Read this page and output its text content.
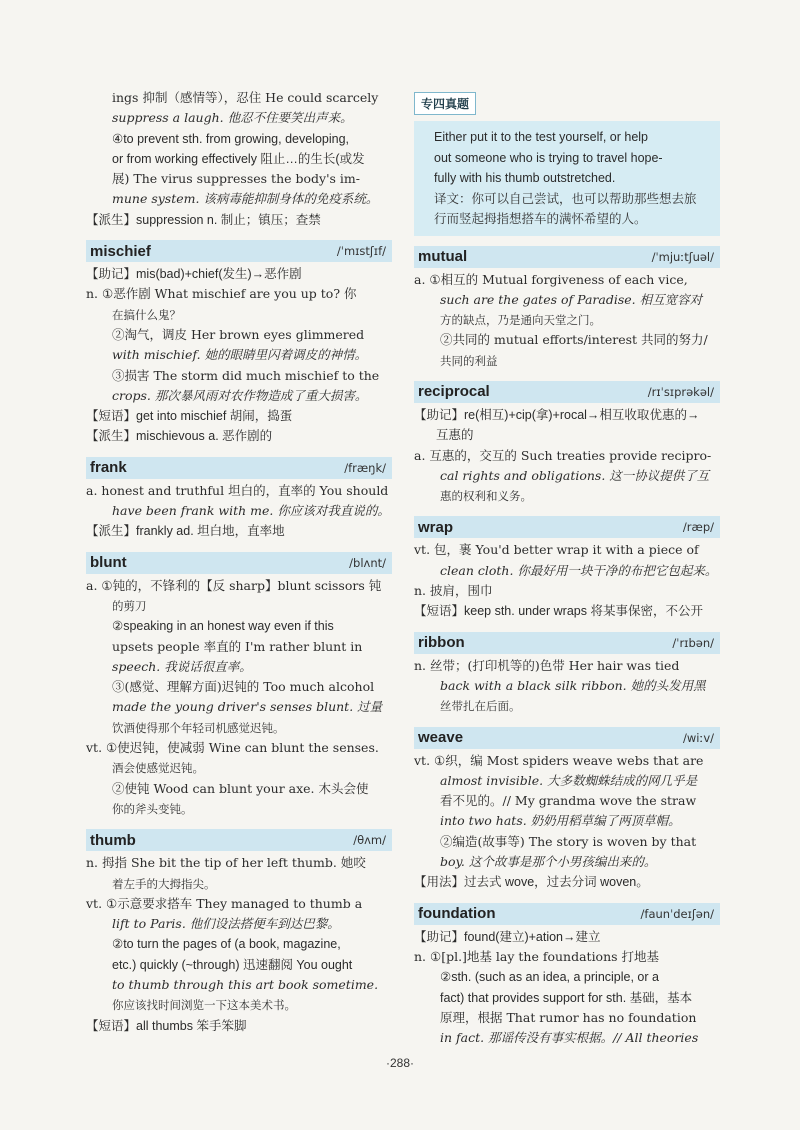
ings 抑制（感情等），忍住 He could scarcely
suppress a laugh. 他忍不住要笑出声来。
④to prevent sth. from growing, developing,
or from working effectively 阻止…的生长(或发
展) The virus suppresses the body's im-
mune system. 该病毒能抑制身体的免疫系统。
【派生】suppression n. 制止；镇压；查禁
mischief	/ˈmɪstʃɪf/
【助记】mis(bad)+chief(发生)→恶作剧
n. ①恶作剧 What mischief are you up to? 你
在搞什么鬼？
②淘气，调皮 Her brown eyes glimmered
with mischief. 她的眼睛里闪着调皮的神情。
③损害 The storm did much mischief to the
crops. 那次暴风雨对农作物造成了重大损害。
【短语】get into mischief 胡闹，捣蛋
【派生】mischievous a. 恶作剧的
frank	/fræŋk/
a. honest and truthful 坦白的，直率的 You should
have been frank with me. 你应该对我直说的。
【派生】frankly ad. 坦白地，直率地
blunt	/blʌnt/
a. ①钝的，不锋利的【反 sharp】blunt scissors 钝
的剪刀
②speaking in an honest way even if this
upsets people 率直的 I'm rather blunt in
speech. 我说话很直率。
③(感觉、理解方面)迟钝的 Too much alcohol
made the young driver's senses blunt. 过量
饮酒使得那个年轻司机感觉迟钝。
vt. ①使迟钝，使减弱 Wine can blunt the senses.
酒会使感觉迟钝。
②使钝 Wood can blunt your axe. 木头会使
你的斧头变钝。
thumb	/θʌm/
n. 拇指 She bit the tip of her left thumb. 她咬
着左手的大拇指尖。
vt. ①示意要求搭车 They managed to thumb a
lift to Paris. 他们设法搭便车到达巴黎。
②to turn the pages of (a book, magazine,
etc.) quickly (~through) 迅速翻阅 You ought
to thumb through this art book sometime.
你应该找时间浏览一下这本美术书。
【短语】all thumbs 笨手笨脚
专四真题
Either put it to the test yourself, or help
out someone who is trying to travel hope-
fully with his thumb outstretched.
译文：你可以自己尝试，也可以帮助那些想去旅
行而竖起拇指想搭车的满怀希望的人。
mutual	/ˈmjuːtʃuəl/
a. ①相互的 Mutual forgiveness of each vice,
such are the gates of Paradise. 相互宽容对
方的缺点，乃是通向天堂之门。
②共同的 mutual efforts/interest 共同的努力/
共同的利益
reciprocal	/rɪˈsɪprəkəl/
【助记】re(相互)+cip(拿)+rocal→相互收取优惠的→
互惠的
a. 互惠的，交互的 Such treaties provide recipro-
cal rights and obligations. 这一协议提供了互
惠的权利和义务。
wrap	/ræp/
vt. 包，裹 You'd better wrap it with a piece of
clean cloth. 你最好用一块干净的布把它包起来。
n. 披肩，围巾
【短语】keep sth. under wraps 将某事保密，不公开
ribbon	/ˈrɪbən/
n. 丝带；(打印机等的)色带 Her hair was tied
back with a black silk ribbon. 她的头发用黑
丝带扎在后面。
weave	/wiːv/
vt. ①织，编 Most spiders weave webs that are
almost invisible. 大多数蜘蛛结成的网几乎是
看不见的。// My grandma wove the straw
into two hats. 奶奶用稻草编了两顶草帽。
②编造(故事等) The story is woven by that
boy. 这个故事是那个小男孩编出来的。
【用法】过去式 wove，过去分词 woven。
foundation	/faunˈdeɪʃən/
【助记】found(建立)+ation→建立
n. ①[pl.]地基 lay the foundations 打地基
②sth. (such as an idea, a principle, or a
fact) that provides support for sth. 基础，基本
原理，根据 That rumor has no foundation
in fact. 那谣传没有事实根据。// All theories
·288·
